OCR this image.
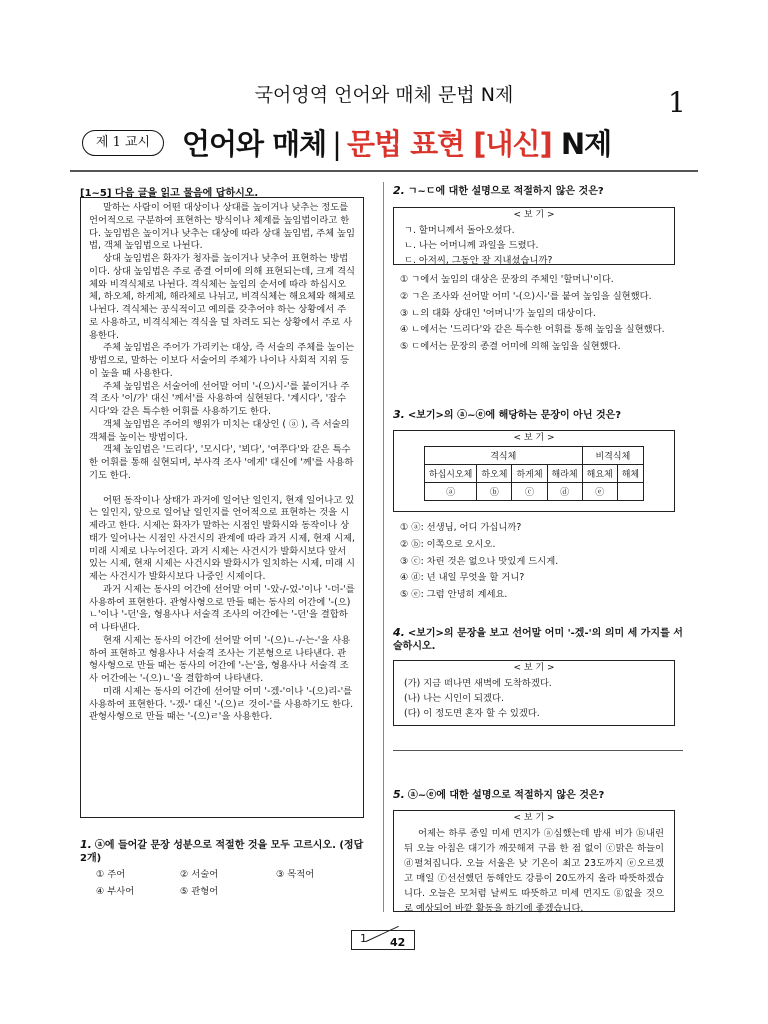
국어영역 언어와 매체 문법 N제	1
제 1 교시	언어와 매체 | 문법 표현 [내신] N제
[1~5] 다음 글을 읽고 물음에 답하시오.

말하는 사람이 어떤 대상이나 상대를 높이거나 낮추는 정도를 언어적으로 구분하여 표현하는 방식이나 체계를 높임법이라고 한다. 높임법은 높이거나 낮추는 대상에 따라 상대 높임법, 주체 높임법, 객체 높임법으로 나뉜다.

상대 높임법은 화자가 청자를 높이거나 낮추어 표현하는 방법이다. 상대 높임법은 주로 종결 어미에 의해 표현되는데, 크게 격식체와 비격식체로 나뉜다. 격식체는 높임의 순서에 따라 하십시오체, 하오체, 하게체, 해라체로 나뉘고, 비격식체는 해요체와 해체로 나뉜다. 격식체는 공식적이고 예의를 갖추어야 하는 상황에서 주로 사용하고, 비격식체는 격식을 덜 차려도 되는 상황에서 주로 사용한다.

주체 높임법은 주어가 가리키는 대상, 즉 서술의 주체를 높이는 방법으로, 말하는 이보다 서술어의 주체가 나이나 사회적 지위 등이 높을 때 사용한다.

주체 높임법은 서술어에 선어말 어미 '-(으)시-'를 붙이거나 주격 조사 '이/가' 대신 '께서'를 사용하여 실현된다. '계시다', '잡수시다'와 같은 특수한 어휘를 사용하기도 한다.

객체 높임법은 주어의 행위가 미치는 대상인 ( ⓐ ), 즉 서술의 객체를 높이는 방법이다.

객체 높임법은 '드리다', '모시다', '뵈다', '여쭈다'와 같은 특수한 어휘를 통해 실현되며, 부사격 조사 '에게' 대신에 '께'를 사용하기도 한다.

어떤 동작이나 상태가 과거에 일어난 일인지, 현재 일어나고 있는 일인지, 앞으로 일어날 일인지를 언어적으로 표현하는 것을 시제라고 한다. 시제는 화자가 말하는 시점인 발화시와 동작이나 상태가 일어나는 시점인 사건시의 관계에 따라 과거 시제, 현재 시제, 미래 시제로 나누어진다. 과거 시제는 사건시가 발화시보다 앞서 있는 시제, 현재 시제는 사건시와 발화시가 일치하는 시제, 미래 시제는 사건시가 발화시보다 나중인 시제이다.

과거 시제는 동사의 어간에 선어말 어미 '-았-/-었-'이나 '-더-'를 사용하여 표현한다. 관형사형으로 만들 때는 동사의 어간에 '-(으)ㄴ'이나 '-던'을, 형용사나 서술격 조사의 어간에는 '-던'을 결합하여 나타낸다.

현재 시제는 동사의 어간에 선어말 어미 '-(으)ㄴ-/-는-'을 사용하여 표현하고 형용사나 서술격 조사는 기본형으로 나타낸다. 관형사형으로 만들 때는 동사의 어간에 '-는'을, 형용사나 서술격 조사 어간에는 '-(으)ㄴ'을 결합하여 나타낸다.

미래 시제는 동사의 어간에 선어말 어미 '-겠-'이나 '-(으)리-'를 사용하여 표현한다. '-겠-' 대신 '-(으)ㄹ 것이-'를 사용하기도 한다. 관형사형으로 만들 때는 '-(으)ㄹ'을 사용한다.

1. ⓐ에 들어갈 문장 성분으로 적절한 것을 모두 고르시오. (정답 2개)
① 주어	② 서술어	③ 목적어
④ 부사어	⑤ 관형어
2. ㄱ~ㄷ에 대한 설명으로 적절하지 않은 것은?
< 보 기 >
ㄱ. 할머니께서 돌아오셨다.
ㄴ. 나는 어머니께 과일을 드렸다.
ㄷ. 아저씨, 그동안 잘 지내셨습니까?
① ㄱ에서 높임의 대상은 문장의 주체인 '할머니'이다.
② ㄱ은 조사와 선어말 어미 '-(으)시-'를 붙여 높임을 실현했다.
③ ㄴ의 대화 상대인 '어머니'가 높임의 대상이다.
④ ㄴ에서는 '드리다'와 같은 특수한 어휘를 통해 높임을 실현했다.
⑤ ㄷ에서는 문장의 종결 어미에 의해 높임을 실현했다.
3. <보기>의 ⓐ~ⓔ에 해당하는 문장이 아닌 것은?
< 보 기 >
격식체				비격식체	
하십시오체	하오체	하게체	해라체	해요체	해체
ⓐ	ⓑ	ⓒ	ⓓ	ⓔ	
① ⓐ: 선생님, 어디 가십니까?
② ⓑ: 이쪽으로 오시오.
③ ⓒ: 차린 것은 없으나 맛있게 드시게.
④ ⓓ: 넌 내일 무엇을 할 거니?
⑤ ⓔ: 그럼 안녕히 계세요.
4. <보기>의 문장을 보고 선어말 어미 '-겠-'의 의미 세 가지를 서술하시오.
< 보 기 >
(가) 지금 떠나면 새벽에 도착하겠다.
(나) 나는 시인이 되겠다.
(다) 이 정도면 혼자 할 수 있겠다.
5. ⓐ~ⓔ에 대한 설명으로 적절하지 않은 것은?
< 보 기 >
어제는 하루 종일 미세 먼지가 ⓐ심했는데 밤새 비가 ⓑ내린 뒤 오늘 아침은 대기가 깨끗해져 구름 한 점 없이 ⓒ맑은 하늘이 ⓓ펼쳐집니다. 오늘 서울은 낮 기온이 최고 23도까지 ⓔ오르겠고 매일 ⓕ선선했던 동해안도 강릉이 20도까지 올라 따뜻하겠습니다. 오늘은 모처럼 날씨도 따뜻하고 미세 먼지도 ⓖ없을 것으로 예상되어 바깥 활동을 하기에 좋겠습니다.
1 42
